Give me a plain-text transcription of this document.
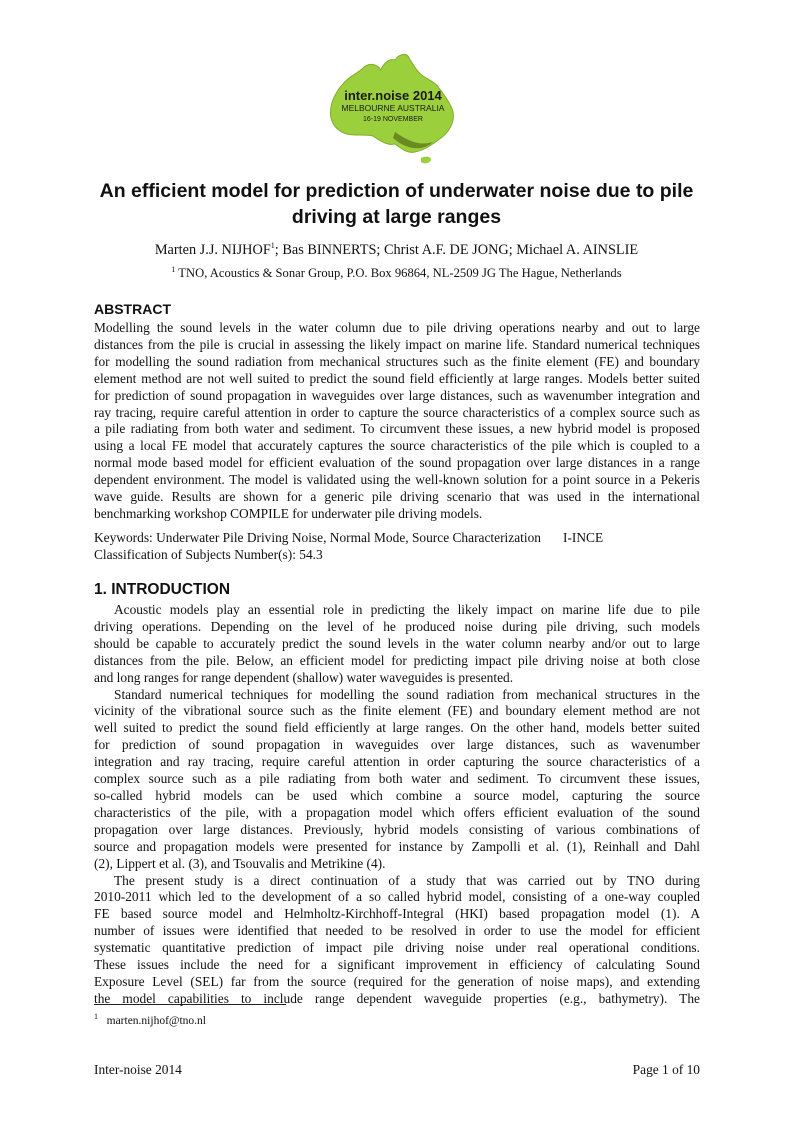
inter.noise 2014
MELBOURNE AUSTRALIA
16-19 NOVEMBER
An efficient model for prediction of underwater noise due to pile
driving at large ranges
Marten J.J. NIJHOF$^1$; Bas BINNERTS; Christ A.F. DE JONG; Michael A. AINSLIE
$^1$ TNO, Acoustics & Sonar Group, P.O. Box 96864, NL-2509 JG The Hague, Netherlands
ABSTRACT
Modelling the sound levels in the water column due to pile driving operations nearby and out to large
distances from the pile is crucial in assessing the likely impact on marine life. Standard numerical techniques
for modelling the sound radiation from mechanical structures such as the finite element (FE) and boundary
element method are not well suited to predict the sound field efficiently at large ranges. Models better suited
for prediction of sound propagation in waveguides over large distances, such as wavenumber integration and
ray tracing, require careful attention in order to capture the source characteristics of a complex source such as
a pile radiating from both water and sediment. To circumvent these issues, a new hybrid model is proposed
using a local FE model that accurately captures the source characteristics of the pile which is coupled to a
normal mode based model for efficient evaluation of the sound propagation over large distances in a range
dependent environment. The model is validated using the well-known solution for a point source in a Pekeris
wave guide. Results are shown for a generic pile driving scenario that was used in the international
benchmarking workshop COMPILE for underwater pile driving models.
Keywords: Underwater Pile Driving Noise, Normal Mode, Source Characterization I-INCE
Classification of Subjects Number(s): 54.3
1. INTRODUCTION
Acoustic models play an essential role in predicting the likely impact on marine life due to pile
driving operations. Depending on the level of he produced noise during pile driving, such models
should be capable to accurately predict the sound levels in the water column nearby and/or out to large
distances from the pile. Below, an efficient model for predicting impact pile driving noise at both close
and long ranges for range dependent (shallow) water waveguides is presented.
Standard numerical techniques for modelling the sound radiation from mechanical structures in the
vicinity of the vibrational source such as the finite element (FE) and boundary element method are not
well suited to predict the sound field efficiently at large ranges. On the other hand, models better suited
for prediction of sound propagation in waveguides over large distances, such as wavenumber
integration and ray tracing, require careful attention in order capturing the source characteristics of a
complex source such as a pile radiating from both water and sediment. To circumvent these issues,
so-called hybrid models can be used which combine a source model, capturing the source
characteristics of the pile, with a propagation model which offers efficient evaluation of the sound
propagation over large distances. Previously, hybrid models consisting of various combinations of
source and propagation models were presented for instance by Zampolli et al. (1), Reinhall and Dahl
(2), Lippert et al. (3), and Tsouvalis and Metrikine (4).
The present study is a direct continuation of a study that was carried out by TNO during
2010-2011 which led to the development of a so called hybrid model, consisting of a one-way coupled
FE based source model and Helmholtz-Kirchhoff-Integral (HKI) based propagation model (1). A
number of issues were identified that needed to be resolved in order to use the model for efficient
systematic quantitative prediction of impact pile driving noise under real operational conditions.
These issues include the need for a significant improvement in efficiency of calculating Sound
Exposure Level (SEL) far from the source (required for the generation of noise maps), and extending
the model capabilities to include range dependent waveguide properties (e.g., bathymetry). The
$^1$ marten.nijhof@tno.nl
Inter-noise 2014	Page 1 of 10
